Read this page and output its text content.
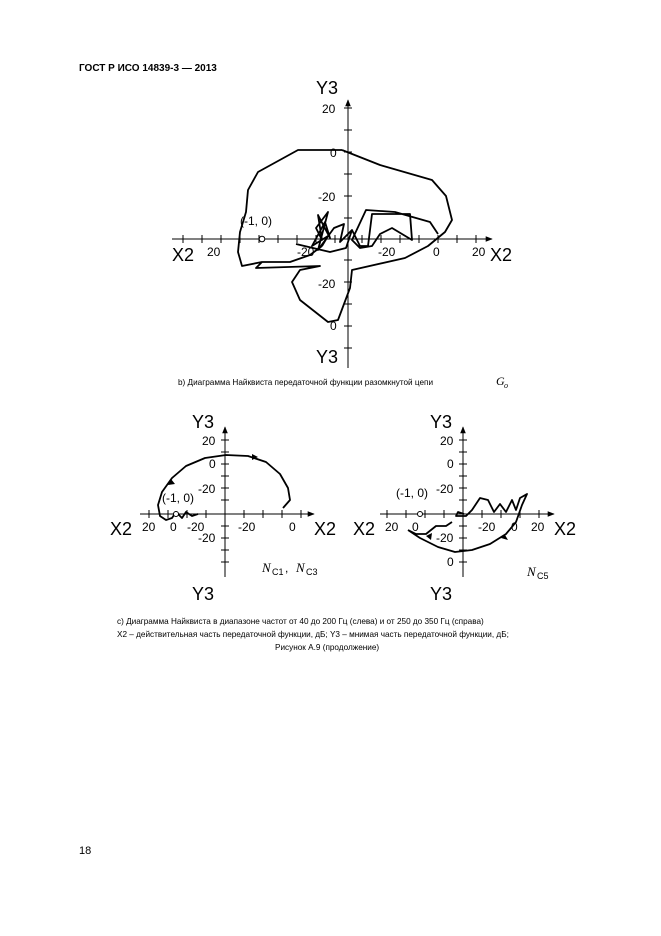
ГОСТ Р ИСО 14839-3 — 2013
Y3
Y3
X2	X2
20	-20	-20	0	20
20
0
-20
-20
0
(-1, 0)
b) Диаграмма Найквиста передаточной функции разомкнутой цепи	G o
Y3
Y3
X2	X2
20 0 -20	-20	0
20
0
-20
-20
(-1, 0)
N C1 , N C3
Y3
Y3
X2	X2
20 0	-20 0 20
20
0
-20
-20
0
(-1, 0)
N C5
c) Диаграмма Найквиста в диапазоне частот от 40 до 200 Гц (слева) и от 250 до 350 Гц (справа)
X2 – действительная часть передаточной функции, дБ; Y3 – мнимая часть передаточной функции, дБ;
Рисунок А.9 (продолжение)
18
